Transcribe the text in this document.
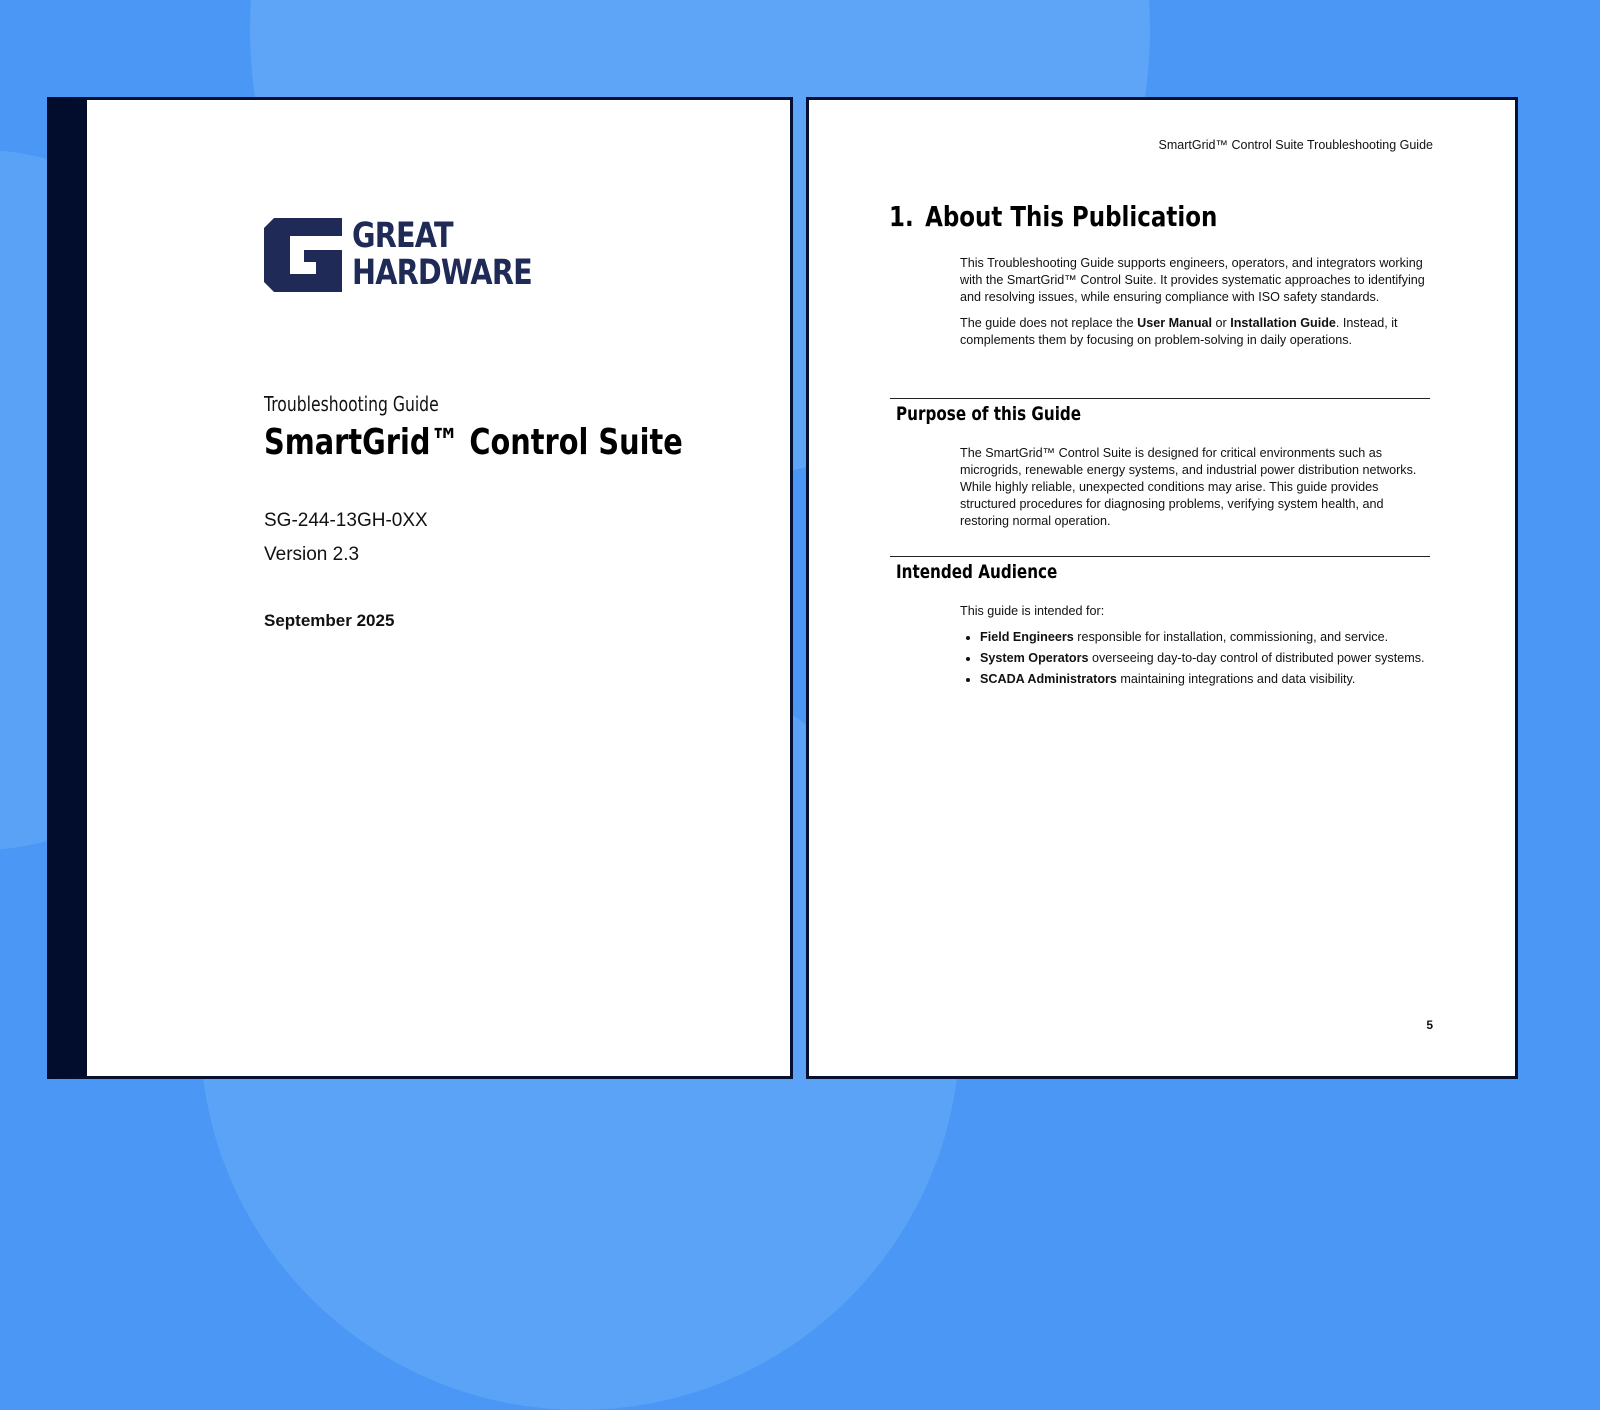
GREAT
HARDWARE
Troubleshooting Guide
SmartGrid™ Control Suite
SG-244-13GH-0XX
Version 2.3
September 2025
SmartGrid™ Control Suite Troubleshooting Guide
1. About This Publication

This Troubleshooting Guide supports engineers, operators, and integrators working with the SmartGrid™ Control Suite. It provides systematic approaches to identifying and resolving issues, while ensuring compliance with ISO safety standards.

The guide does not replace the User Manual or Installation Guide. Instead, it complements them by focusing on problem-solving in daily operations.

Purpose of this Guide

The SmartGrid™ Control Suite is designed for critical environments such as microgrids, renewable energy systems, and industrial power distribution networks. While highly reliable, unexpected conditions may arise. This guide provides structured procedures for diagnosing problems, verifying system health, and restoring normal operation.

Intended Audience

This guide is intended for:

• Field Engineers responsible for installation, commissioning, and service.
• System Operators overseeing day-to-day control of distributed power systems.
• SCADA Administrators maintaining integrations and data visibility.
5
